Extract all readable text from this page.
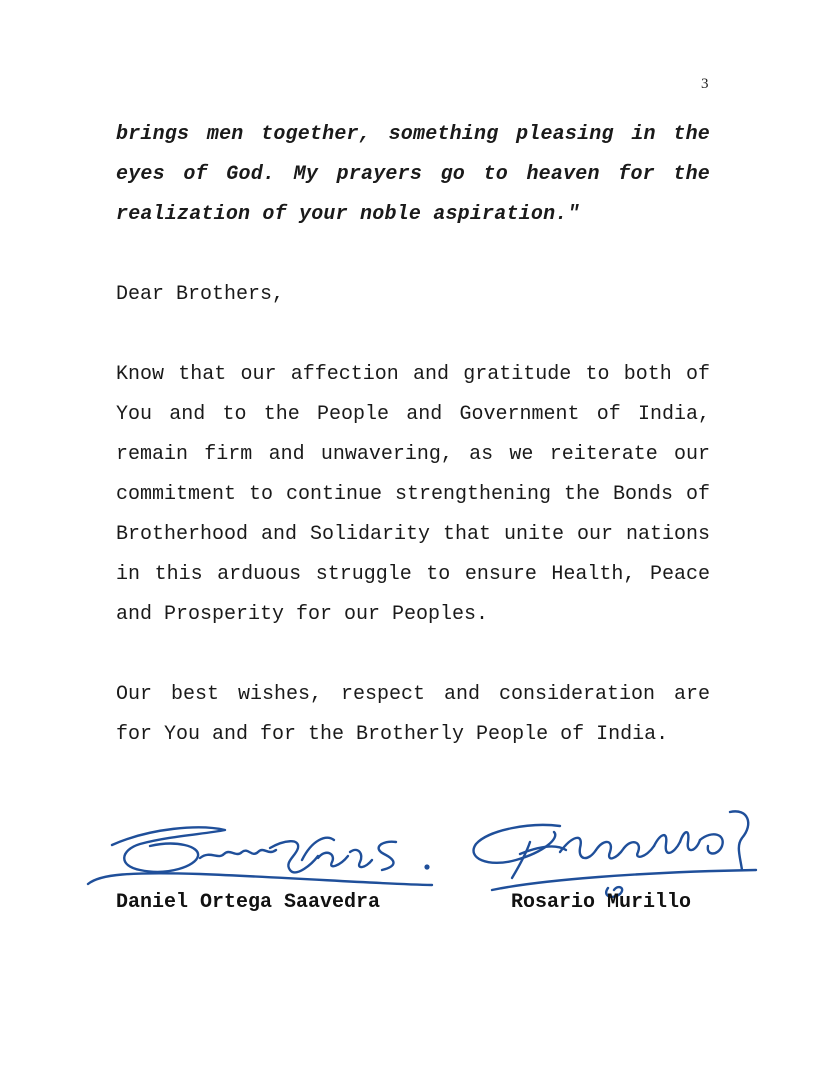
3

brings men together, something pleasing in the eyes of God. My prayers go to heaven for the realization of your noble aspiration."

Dear Brothers,

Know that our affection and gratitude to both of You and to the People and Government of India, remain firm and unwavering, as we reiterate our commitment to continue strengthening the Bonds of Brotherhood and Solidarity that unite our nations in this arduous struggle to ensure Health, Peace and Prosperity for our Peoples.

Our best wishes, respect and consideration are for You and for the Brotherly People of India.

Daniel Ortega Saavedra	Rosario Murillo
